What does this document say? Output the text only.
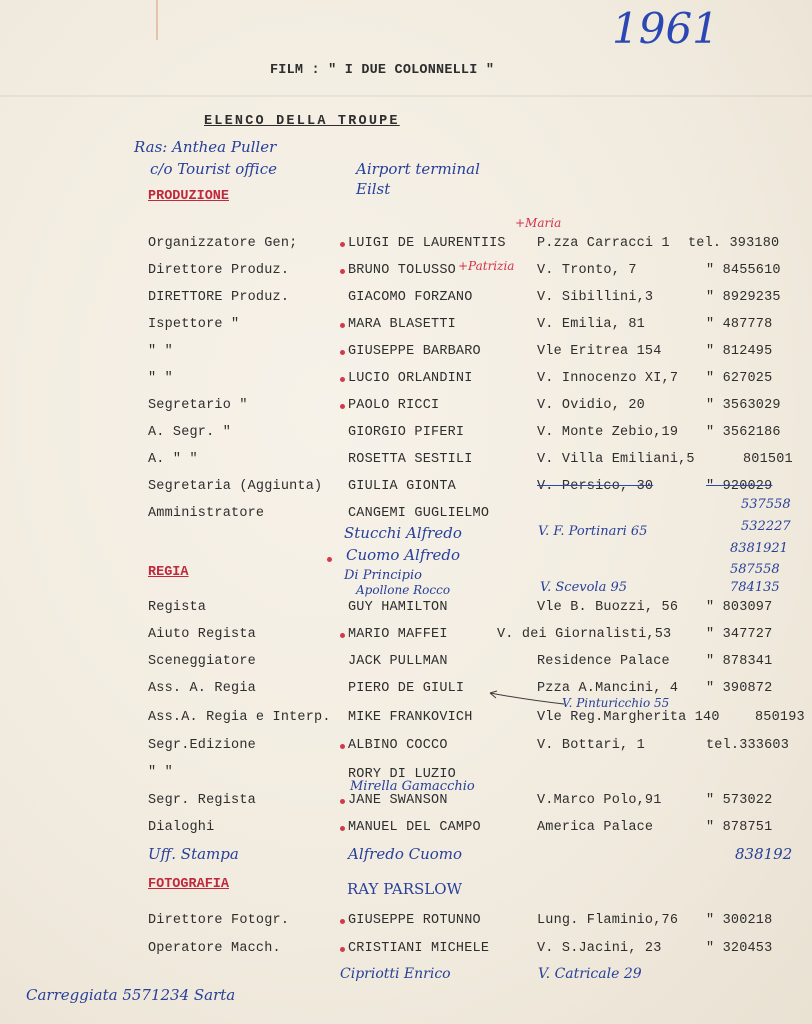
1961
FILM : " I DUE COLONNELLI "
ELENCO DELLA TROUPE
Ras: Anthea Puller
c/o Tourist office	Airport terminal
Eilst
PRODUZIONE
+Maria
Organizzatore Gen;	LUIGI DE LAURENTIIS P.zza Carracci 1 tel. 393180
Direttore Produz.	BRUNO TOLUSSO +Patrizia V. Tronto, 7	" 8455610
DIRETTORE Produz.	GIACOMO FORZANO	V. Sibillini,3	" 8929235
Ispettore "	MARA BLASETTI	V. Emilia, 81	" 487778
" "	GIUSEPPE BARBARO	Vle Eritrea 154	" 812495
" "	LUCIO ORLANDINI	V. Innocenzo XI,7 " 627025
Segretario "	PAOLO RICCI	V. Ovidio, 20	" 3563029
A. Segr. "	GIORGIO PIFERI	V. Monte Zebio,19 " 3562186
A. " "	ROSETTA SESTILI	V. Villa Emiliani,5	801501
Segretaria (Aggiunta) GIULIA GIONTA	V. Persico, 30	" 920029
Amministratore	CANGEMI GUGLIELMO
537558
Stucchi Alfredo	V. F. Portinari 65	532227
Cuomo Alfredo	8381921
Di Principio	587558
Apollone Rocco	V. Scevola 95	784135
REGIA
Regista	GUY HAMILTON	Vle B. Buozzi, 56 " 803097
Aiuto Regista	MARIO MAFFEI	V. dei Giornalisti,53	" 347727
Sceneggiatore	JACK PULLMAN	Residence Palace	" 878341
Ass. A. Regia	PIERO DE GIULI	Pzza A.Mancini, 4 " 390872
Ass.A. Regia e Interp. MIKE FRANKOVICH	Vle Reg.Margherita 140	850193
Segr.Edizione	ALBINO COCCO	V. Bottari, 1	tel.333603
" "	RORY DI LUZIO
Segr. Regista	JANE SWANSON	V.Marco Polo,91	" 573022
Dialoghi	MANUEL DEL CAMPO	America Palace	" 878751
V. Pinturicchio 55
Mirella Gamacchio
Uff. Stampa	Alfredo Cuomo	838192
FOTOGRAFIA	RAY PARSLOW
Direttore Fotogr.	GIUSEPPE ROTUNNO	Lung. Flaminio,76 " 300218
Operatore Macch.	CRISTIANI MICHELE	V. S.Jacini, 23	" 320453
Cipriotti Enrico	V. Catricale 29
Carreggiata 5571234 Sarta
